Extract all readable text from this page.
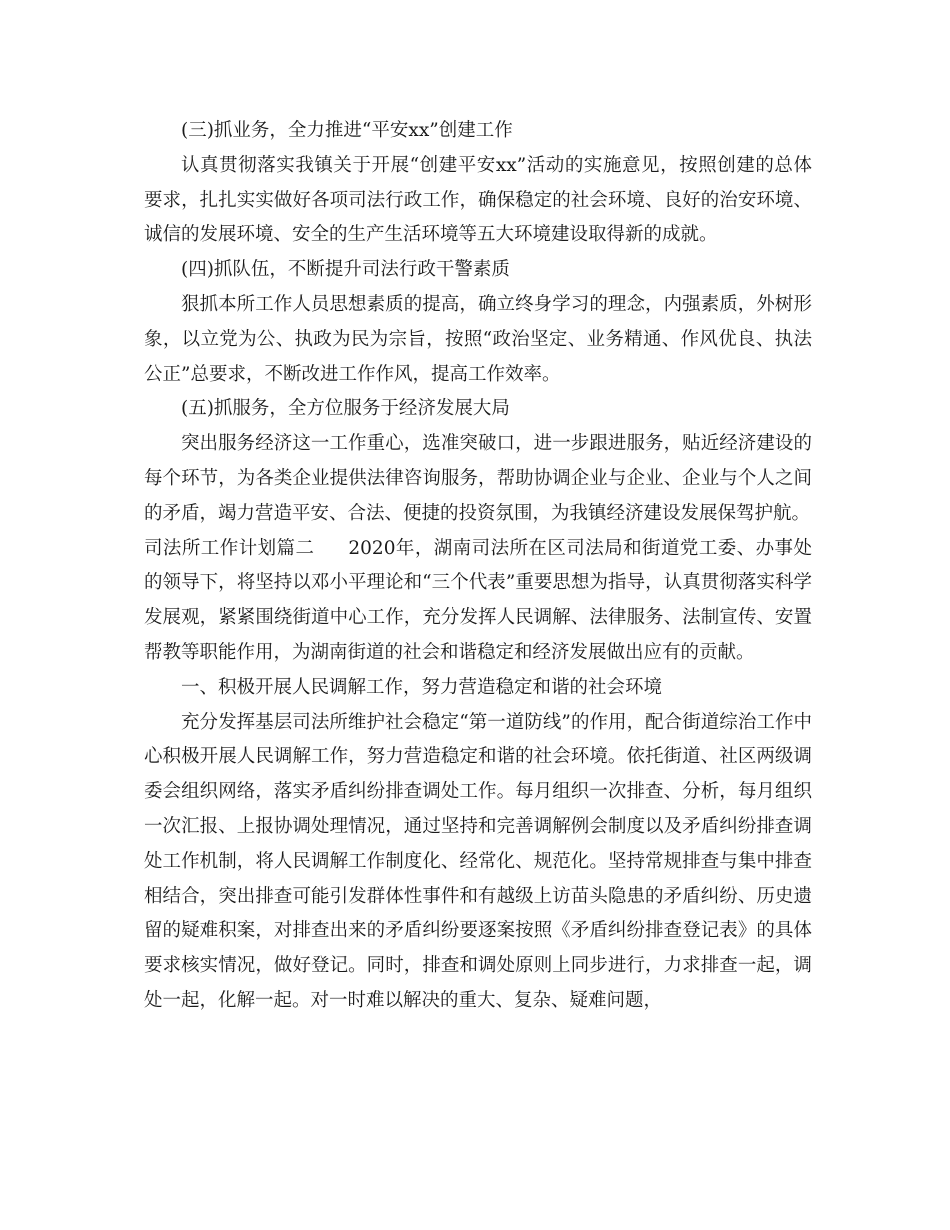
(三)抓业务，全力推进“平安xx”创建工作

认真贯彻落实我镇关于开展“创建平安xx”活动的实施意见，按照创建的总体要求，扎扎实实做好各项司法行政工作，确保稳定的社会环境、良好的治安环境、诚信的发展环境、安全的生产生活环境等五大环境建设取得新的成就。

(四)抓队伍，不断提升司法行政干警素质

狠抓本所工作人员思想素质的提高，确立终身学习的理念，内强素质，外树形象，以立党为公、执政为民为宗旨，按照“政治坚定、业务精通、作风优良、执法公正”总要求，不断改进工作作风，提高工作效率。

(五)抓服务，全方位服务于经济发展大局

突出服务经济这一工作重心，选准突破口，进一步跟进服务，贴近经济建设的每个环节，为各类企业提供法律咨询服务，帮助协调企业与企业、企业与个人之间的矛盾，竭力营造平安、合法、便捷的投资氛围，为我镇经济建设发展保驾护航。

司法所工作计划篇二 2020年，湖南司法所在区司法局和街道党工委、办事处的领导下，将坚持以邓小平理论和“三个代表”重要思想为指导，认真贯彻落实科学发展观，紧紧围绕街道中心工作，充分发挥人民调解、法律服务、法制宣传、安置帮教等职能作用，为湖南街道的社会和谐稳定和经济发展做出应有的贡献。

一、积极开展人民调解工作，努力营造稳定和谐的社会环境

充分发挥基层司法所维护社会稳定“第一道防线”的作用，配合街道综治工作中心积极开展人民调解工作，努力营造稳定和谐的社会环境。依托街道、社区两级调委会组织网络，落实矛盾纠纷排查调处工作。每月组织一次排查、分析，每月组织一次汇报、上报协调处理情况，通过坚持和完善调解例会制度以及矛盾纠纷排查调处工作机制，将人民调解工作制度化、经常化、规范化。坚持常规排查与集中排查相结合，突出排查可能引发群体性事件和有越级上访苗头隐患的矛盾纠纷、历史遗留的疑难积案，对排查出来的矛盾纠纷要逐案按照《矛盾纠纷排查登记表》的具体要求核实情况，做好登记。同时，排查和调处原则上同步进行，力求排查一起，调处一起，化解一起。对一时难以解决的重大、复杂、疑难问题，
